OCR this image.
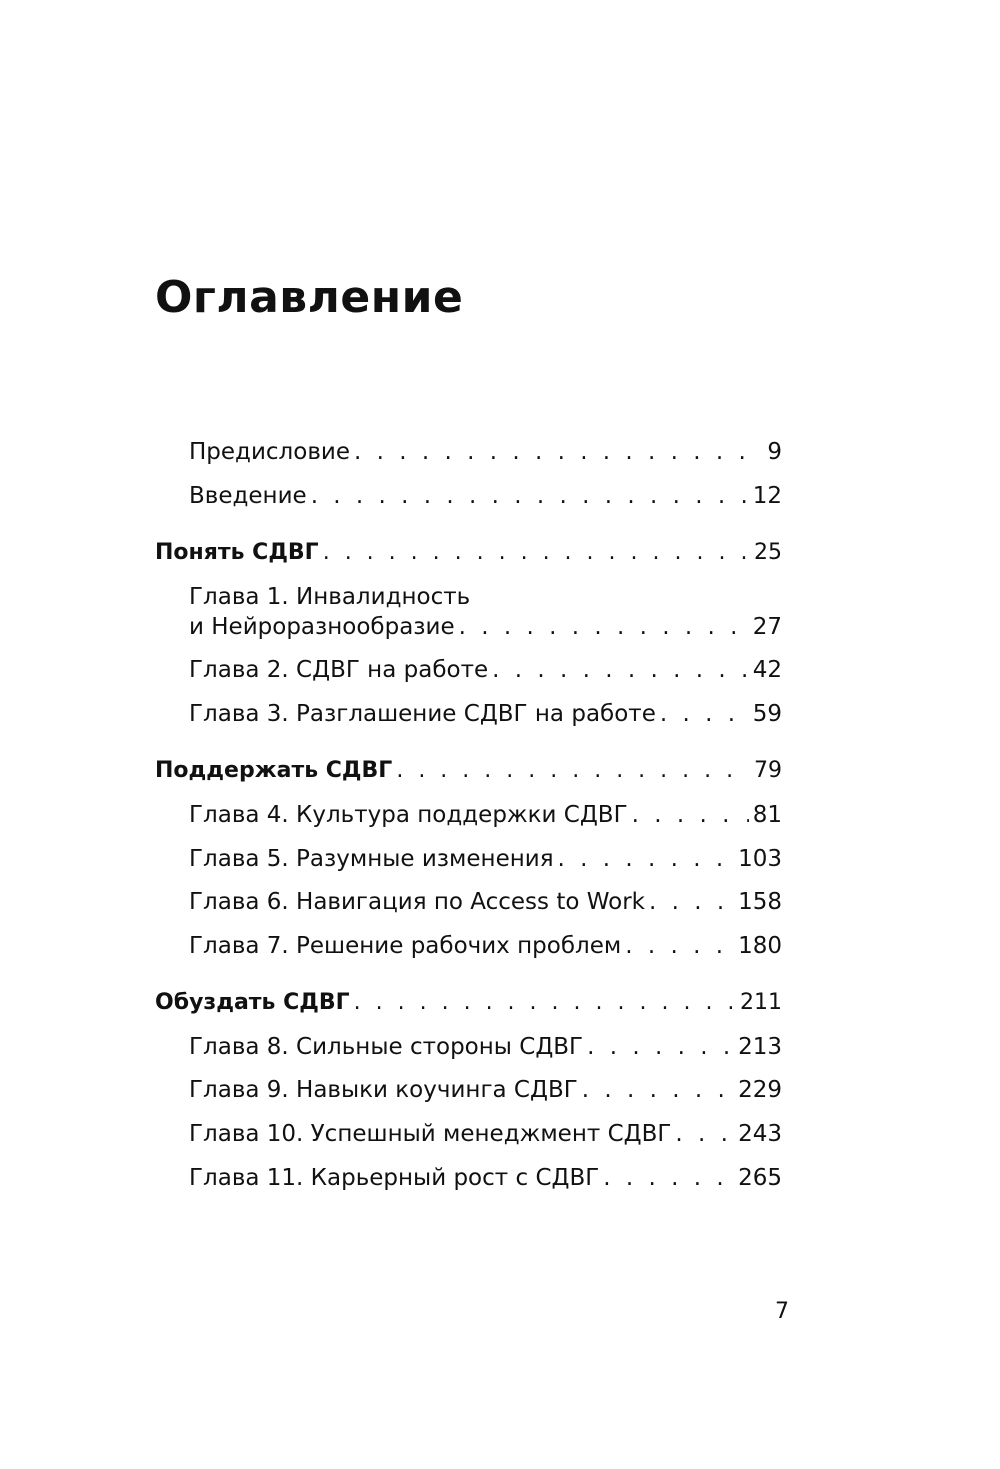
Оглавление
Предисловие . . .	9
Введение . . .	12
Понять СДВГ . . .	25
Глава 1. Инвалидность
и Нейроразнообразие . . .	27
Глава 2. СДВГ на работе . . .	42
Глава 3. Разглашение СДВГ на работе . . .	59
Поддержать СДВГ . . .	79
Глава 4. Культура поддержки СДВГ . . .	81
Глава 5. Разумные изменения . . .	103
Глава 6. Навигация по Access to Work . . .	158
Глава 7. Решение рабочих проблем . . .	180
Обуздать СДВГ . . .	211
Глава 8. Сильные стороны СДВГ . . .	213
Глава 9. Навыки коучинга СДВГ . . .	229
Глава 10. Успешный менеджмент СДВГ . . .	243
Глава 11. Карьерный рост с СДВГ . . .	265
7
